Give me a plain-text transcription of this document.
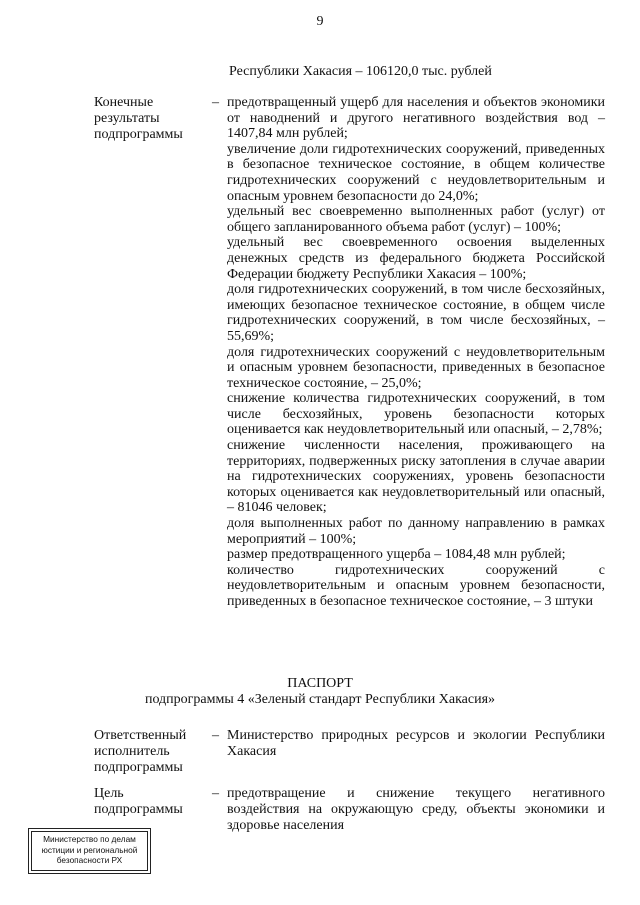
9
Республики Хакасия – 106120,0 тыс. рублей
Конечные результаты подпрограммы
– предотвращенный ущерб для населения и объектов экономики от наводнений и другого негативного воздействия вод – 1407,84 млн рублей;

увеличение доли гидротехнических сооружений, приведенных в безопасное техническое состояние, в общем количестве гидротехнических сооружений с неудовлетворительным и опасным уровнем безопасности до 24,0%;

удельный вес своевременно выполненных работ (услуг) от общего запланированного объема работ (услуг) – 100%;

удельный вес своевременного освоения выделенных денежных средств из федерального бюджета Российской Федерации бюджету Республики Хакасия – 100%;

доля гидротехнических сооружений, в том числе бесхозяйных, имеющих безопасное техническое состояние, в общем числе гидротехнических сооружений, в том числе бесхозяйных, – 55,69%;

доля гидротехнических сооружений с неудовлетворительным и опасным уровнем безопасности, приведенных в безопасное техническое состояние, – 25,0%;

снижение количества гидротехнических сооружений, в том числе бесхозяйных, уровень безопасности которых оценивается как неудовлетворительный или опасный, – 2,78%;

снижение численности населения, проживающего на территориях, подверженных риску затопления в случае аварии на гидротехнических сооружениях, уровень безопасности которых оценивается как неудовлетворительный или опасный, – 81046 человек;

доля выполненных работ по данному направлению в рамках мероприятий – 100%;

размер предотвращенного ущерба – 1084,48 млн рублей;

количество гидротехнических сооружений с неудовлетворительным и опасным уровнем безопасности, приведенных в безопасное техническое состояние, – 3 штуки

ПАСПОРТ
подпрограммы 4 «Зеленый стандарт Республики Хакасия»
Ответственный исполнитель подпрограммы
– Министерство природных ресурсов и экологии Республики Хакасия

Цель подпрограммы
– предотвращение и снижение текущего негативного воздействия на окружающую среду, объекты экономики и здоровье населения

Министерство по делам
юстиции и региональной
безопасности РХ
